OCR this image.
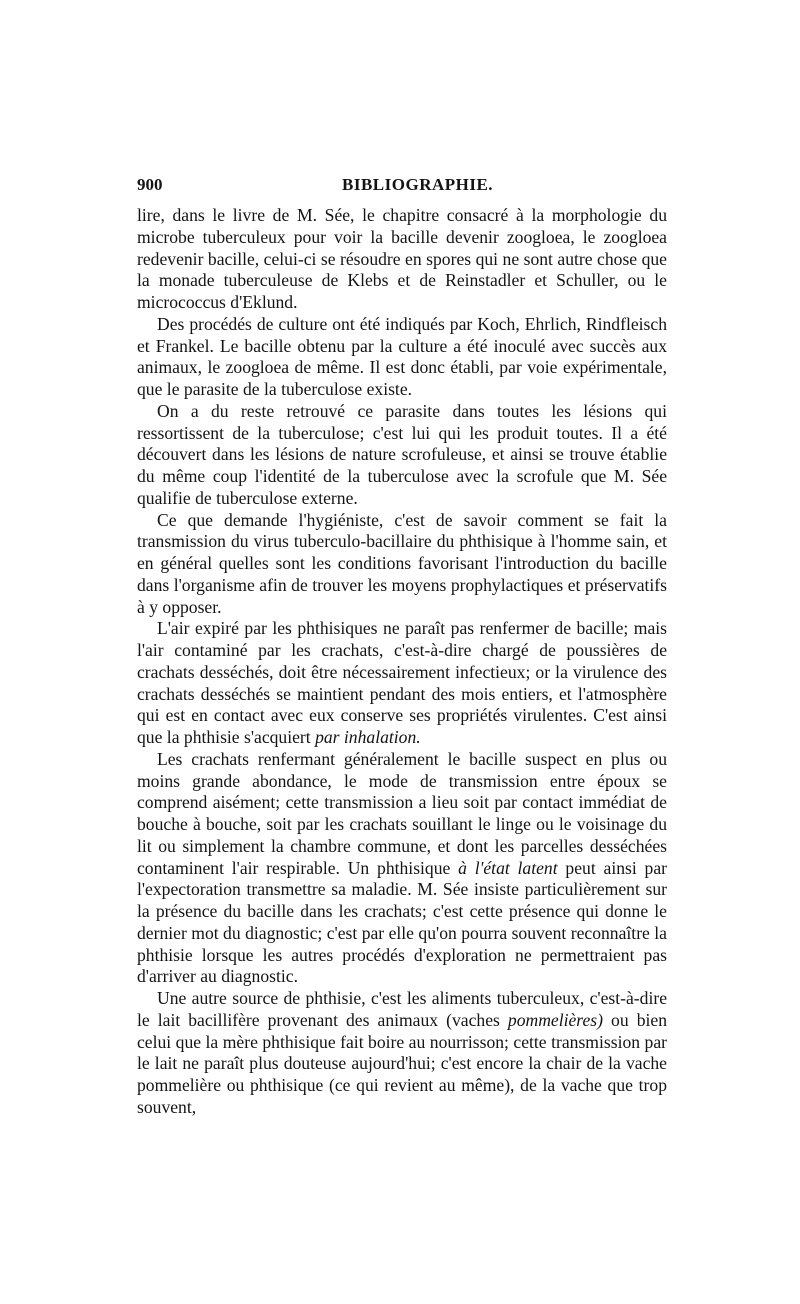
900	BIBLIOGRAPHIE.

lire, dans le livre de M. Sée, le chapitre consacré à la morphologie du microbe tuberculeux pour voir la bacille devenir zoogloea, le zoogloea redevenir bacille, celui-ci se résoudre en spores qui ne sont autre chose que la monade tuberculeuse de Klebs et de Reinstadler et Schuller, ou le micrococcus d'Eklund.

Des procédés de culture ont été indiqués par Koch, Ehrlich, Rindfleisch et Frankel. Le bacille obtenu par la culture a été inoculé avec succès aux animaux, le zoogloea de même. Il est donc établi, par voie expérimentale, que le parasite de la tuberculose existe.

On a du reste retrouvé ce parasite dans toutes les lésions qui ressortissent de la tuberculose; c'est lui qui les produit toutes. Il a été découvert dans les lésions de nature scrofuleuse, et ainsi se trouve établie du même coup l'identité de la tuberculose avec la scrofule que M. Sée qualifie de tuberculose externe.

Ce que demande l'hygiéniste, c'est de savoir comment se fait la transmission du virus tuberculo-bacillaire du phthisique à l'homme sain, et en général quelles sont les conditions favorisant l'introduction du bacille dans l'organisme afin de trouver les moyens prophylactiques et préservatifs à y opposer.

L'air expiré par les phthisiques ne paraît pas renfermer de bacille; mais l'air contaminé par les crachats, c'est-à-dire chargé de poussières de crachats desséchés, doit être nécessairement infectieux; or la virulence des crachats desséchés se maintient pendant des mois entiers, et l'atmosphère qui est en contact avec eux conserve ses propriétés virulentes. C'est ainsi que la phthisie s'acquiert par inhalation.

Les crachats renfermant généralement le bacille suspect en plus ou moins grande abondance, le mode de transmission entre époux se comprend aisément; cette transmission a lieu soit par contact immédiat de bouche à bouche, soit par les crachats souillant le linge ou le voisinage du lit ou simplement la chambre commune, et dont les parcelles desséchées contaminent l'air respirable. Un phthisique à l'état latent peut ainsi par l'expectoration transmettre sa maladie. M. Sée insiste particulièrement sur la présence du bacille dans les crachats; c'est cette présence qui donne le dernier mot du diagnostic; c'est par elle qu'on pourra souvent reconnaître la phthisie lorsque les autres procédés d'exploration ne permettraient pas d'arriver au diagnostic.

Une autre source de phthisie, c'est les aliments tuberculeux, c'est-à-dire le lait bacillifère provenant des animaux (vaches pommelières) ou bien celui que la mère phthisique fait boire au nourrisson; cette transmission par le lait ne paraît plus douteuse aujourd'hui; c'est encore la chair de la vache pommelière ou phthisique (ce qui revient au même), de la vache que trop souvent,
